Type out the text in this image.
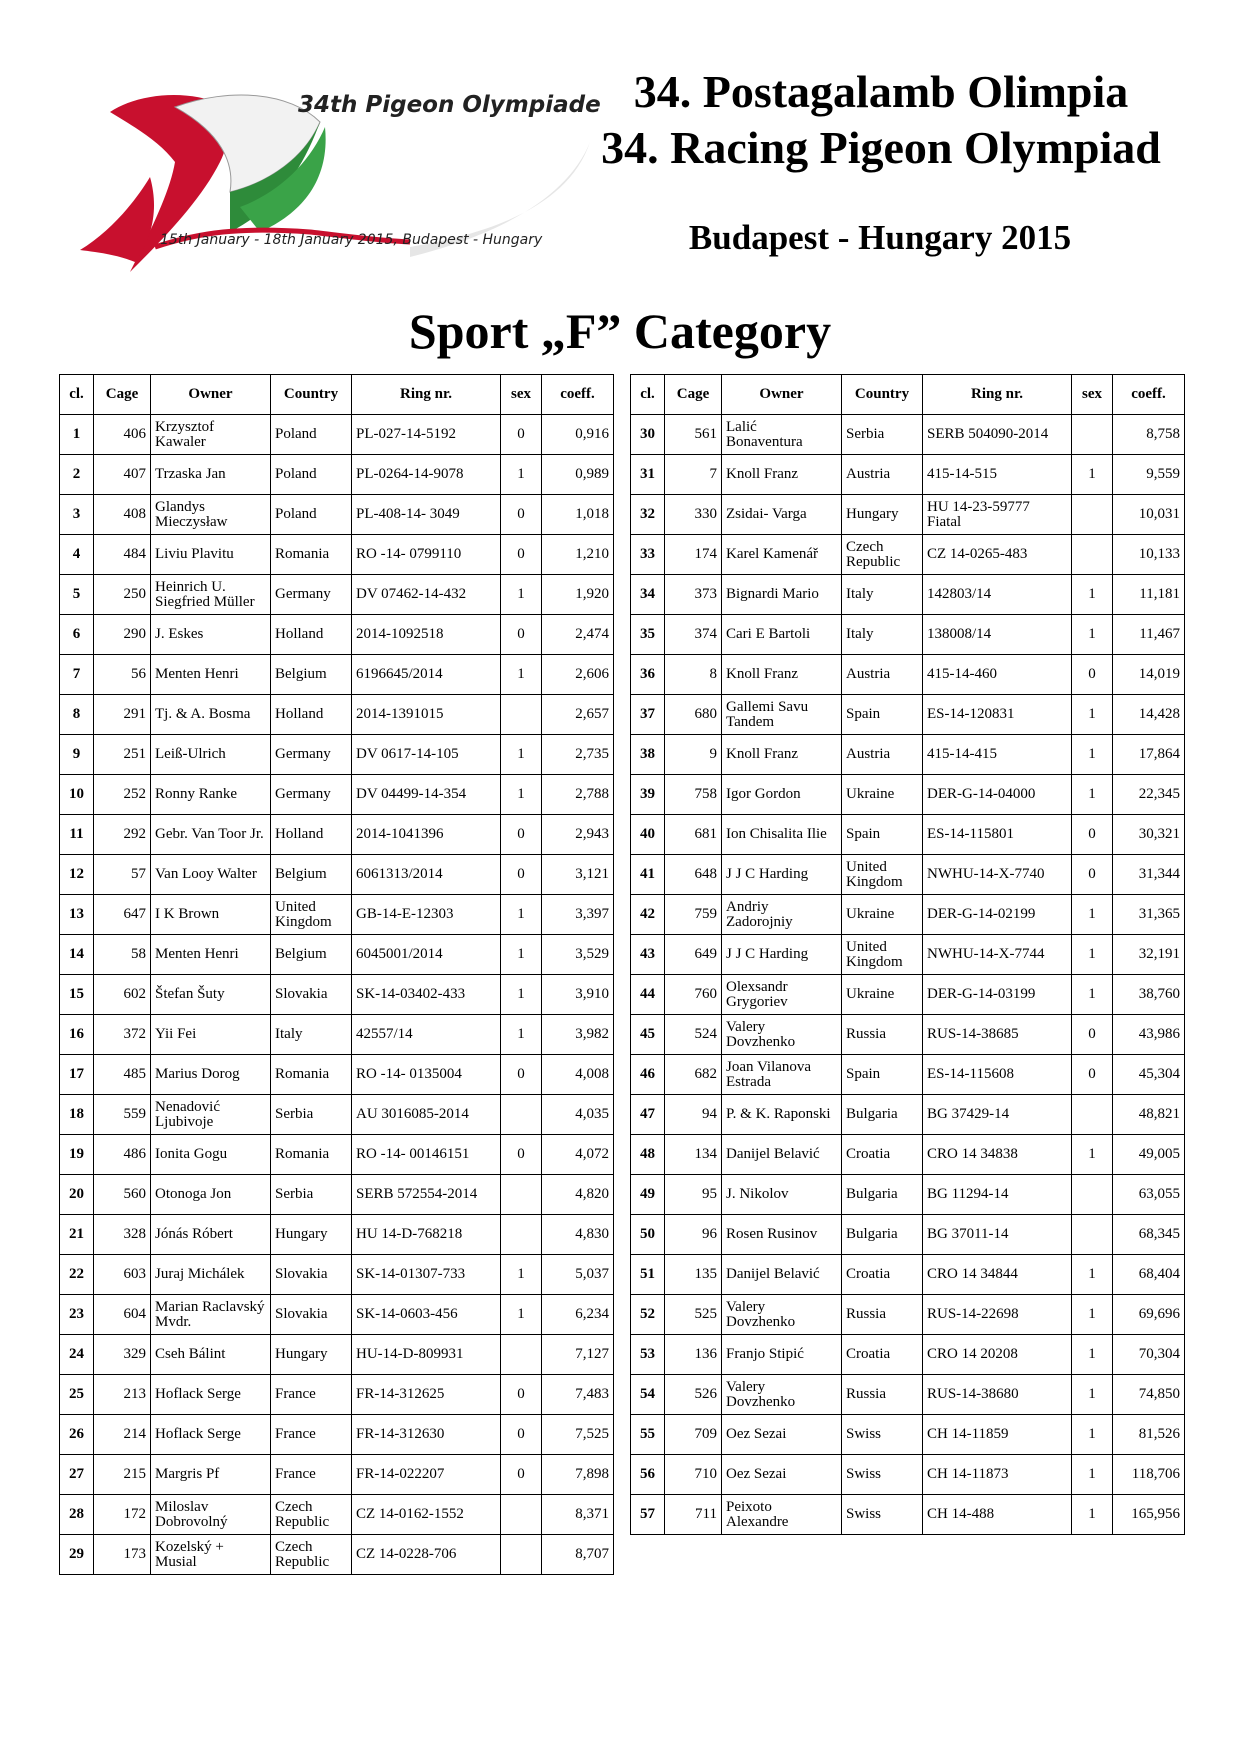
34th Pigeon Olympiade
15th January - 18th January 2015, Budapest - Hungary
34. Postagalamb Olimpia
34. Racing Pigeon Olympiad
Budapest - Hungary 2015
Sport „F” Category
cl.	Cage	Owner	Country	Ring nr.	sex	coeff.
1	406	Krzysztof Kawaler	Poland	PL-027-14-5192	0	0,916
2	407	Trzaska Jan	Poland	PL-0264-14-9078	1	0,989
3	408	Glandys Mieczysław	Poland	PL-408-14- 3049	0	1,018
4	484	Liviu Plavitu	Romania	RO -14- 0799110	0	1,210
5	250	Heinrich U. Siegfried Müller	Germany	DV 07462-14-432	1	1,920
6	290	J. Eskes	Holland	2014-1092518	0	2,474
7	56	Menten Henri	Belgium	6196645/2014	1	2,606
8	291	Tj. & A. Bosma	Holland	2014-1391015		2,657
9	251	Leiß-Ulrich	Germany	DV 0617-14-105	1	2,735
10	252	Ronny Ranke	Germany	DV 04499-14-354	1	2,788
11	292	Gebr. Van Toor Jr.	Holland	2014-1041396	0	2,943
12	57	Van Looy Walter	Belgium	6061313/2014	0	3,121
13	647	I K Brown	United Kingdom	GB-14-E-12303	1	3,397
14	58	Menten Henri	Belgium	6045001/2014	1	3,529
15	602	Štefan Šuty	Slovakia	SK-14-03402-433	1	3,910
16	372	Yii Fei	Italy	42557/14	1	3,982
17	485	Marius Dorog	Romania	RO -14- 0135004	0	4,008
18	559	Nenadović Ljubivoje	Serbia	AU 3016085-2014		4,035
19	486	Ionita Gogu	Romania	RO -14- 00146151	0	4,072
20	560	Otonoga Jon	Serbia	SERB 572554-2014		4,820
21	328	Jónás Róbert	Hungary	HU 14-D-768218		4,830
22	603	Juraj Michálek	Slovakia	SK-14-01307-733	1	5,037
23	604	Marian Raclavský Mvdr.	Slovakia	SK-14-0603-456	1	6,234
24	329	Cseh Bálint	Hungary	HU-14-D-809931		7,127
25	213	Hoflack Serge	France	FR-14-312625	0	7,483
26	214	Hoflack Serge	France	FR-14-312630	0	7,525
27	215	Margris Pf	France	FR-14-022207	0	7,898
28	172	Miloslav Dobrovolný	Czech Republic	CZ 14-0162-1552		8,371
29	173	Kozelský + Musial	Czech Republic	CZ 14-0228-706		8,707
cl.	Cage	Owner	Country	Ring nr.	sex	coeff.
30	561	Lalić Bonaventura	Serbia	SERB 504090-2014		8,758
31	7	Knoll Franz	Austria	415-14-515	1	9,559
32	330	Zsidai- Varga	Hungary	HU 14-23-59777 Fiatal		10,031
33	174	Karel Kamenář	Czech Republic	CZ 14-0265-483		10,133
34	373	Bignardi Mario	Italy	142803/14	1	11,181
35	374	Cari E Bartoli	Italy	138008/14	1	11,467
36	8	Knoll Franz	Austria	415-14-460	0	14,019
37	680	Gallemi Savu Tandem	Spain	ES-14-120831	1	14,428
38	9	Knoll Franz	Austria	415-14-415	1	17,864
39	758	Igor Gordon	Ukraine	DER-G-14-04000	1	22,345
40	681	Ion Chisalita Ilie	Spain	ES-14-115801	0	30,321
41	648	J J C Harding	United Kingdom	NWHU-14-X-7740	0	31,344
42	759	Andriy Zadorojniy	Ukraine	DER-G-14-02199	1	31,365
43	649	J J C Harding	United Kingdom	NWHU-14-X-7744	1	32,191
44	760	Olexsandr Grygoriev	Ukraine	DER-G-14-03199	1	38,760
45	524	Valery Dovzhenko	Russia	RUS-14-38685	0	43,986
46	682	Joan Vilanova Estrada	Spain	ES-14-115608	0	45,304
47	94	P. & K. Raponski	Bulgaria	BG 37429-14		48,821
48	134	Danijel Belavić	Croatia	CRO 14 34838	1	49,005
49	95	J. Nikolov	Bulgaria	BG 11294-14		63,055
50	96	Rosen Rusinov	Bulgaria	BG 37011-14		68,345
51	135	Danijel Belavić	Croatia	CRO 14 34844	1	68,404
52	525	Valery Dovzhenko	Russia	RUS-14-22698	1	69,696
53	136	Franjo Stipić	Croatia	CRO 14 20208	1	70,304
54	526	Valery Dovzhenko	Russia	RUS-14-38680	1	74,850
55	709	Oez Sezai	Swiss	CH 14-11859	1	81,526
56	710	Oez Sezai	Swiss	CH 14-11873	1	118,706
57	711	Peixoto Alexandre	Swiss	CH 14-488	1	165,956
